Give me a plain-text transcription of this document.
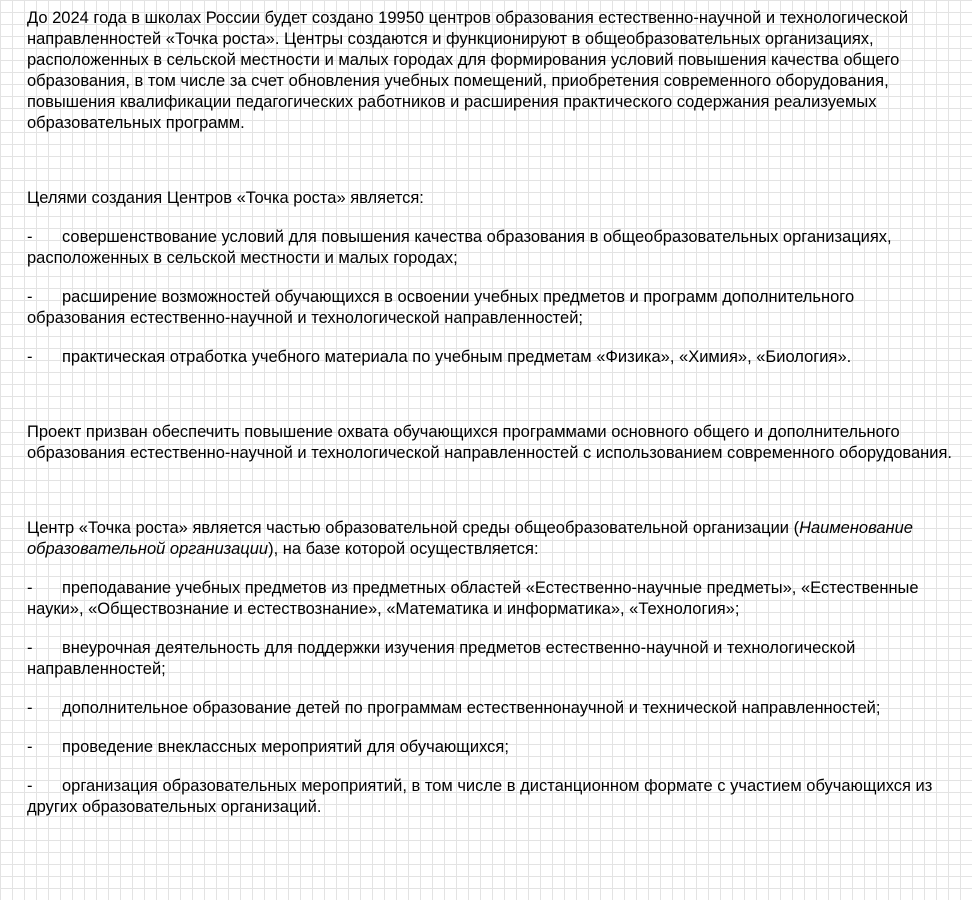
До 2024 года в школах России будет создано 19950 центров образования естественно-научной и технологической направленностей «Точка роста». Центры создаются и функционируют в общеобразовательных организациях, расположенных в сельской местности и малых городах для формирования условий повышения качества общего образования, в том числе за счет обновления учебных помещений, приобретения современного оборудования, повышения квалификации педагогических работников и расширения практического содержания реализуемых образовательных программ.

Целями создания Центров «Точка роста» является:

- совершенствование условий для повышения качества образования в общеобразовательных организациях, расположенных в сельской местности и малых городах;

- расширение возможностей обучающихся в освоении учебных предметов и программ дополнительного образования естественно-научной и технологической направленностей;

- практическая отработка учебного материала по учебным предметам «Физика», «Химия», «Биология».

Проект призван обеспечить повышение охвата обучающихся программами основного общего и дополнительного образования естественно-научной и технологической направленностей с использованием современного оборудования.

Центр «Точка роста» является частью образовательной среды общеобразовательной организации (Наименование образовательной организации), на базе которой осуществляется:

- преподавание учебных предметов из предметных областей «Естественно-научные предметы», «Естественные науки», «Обществознание и естествознание», «Математика и информатика», «Технология»;

- внеурочная деятельность для поддержки изучения предметов естественно-научной и технологической направленностей;

- дополнительное образование детей по программам естественнонаучной и технической направленностей;

- проведение внеклассных мероприятий для обучающихся;

- организация образовательных мероприятий, в том числе в дистанционном формате с участием обучающихся из других образовательных организаций.
